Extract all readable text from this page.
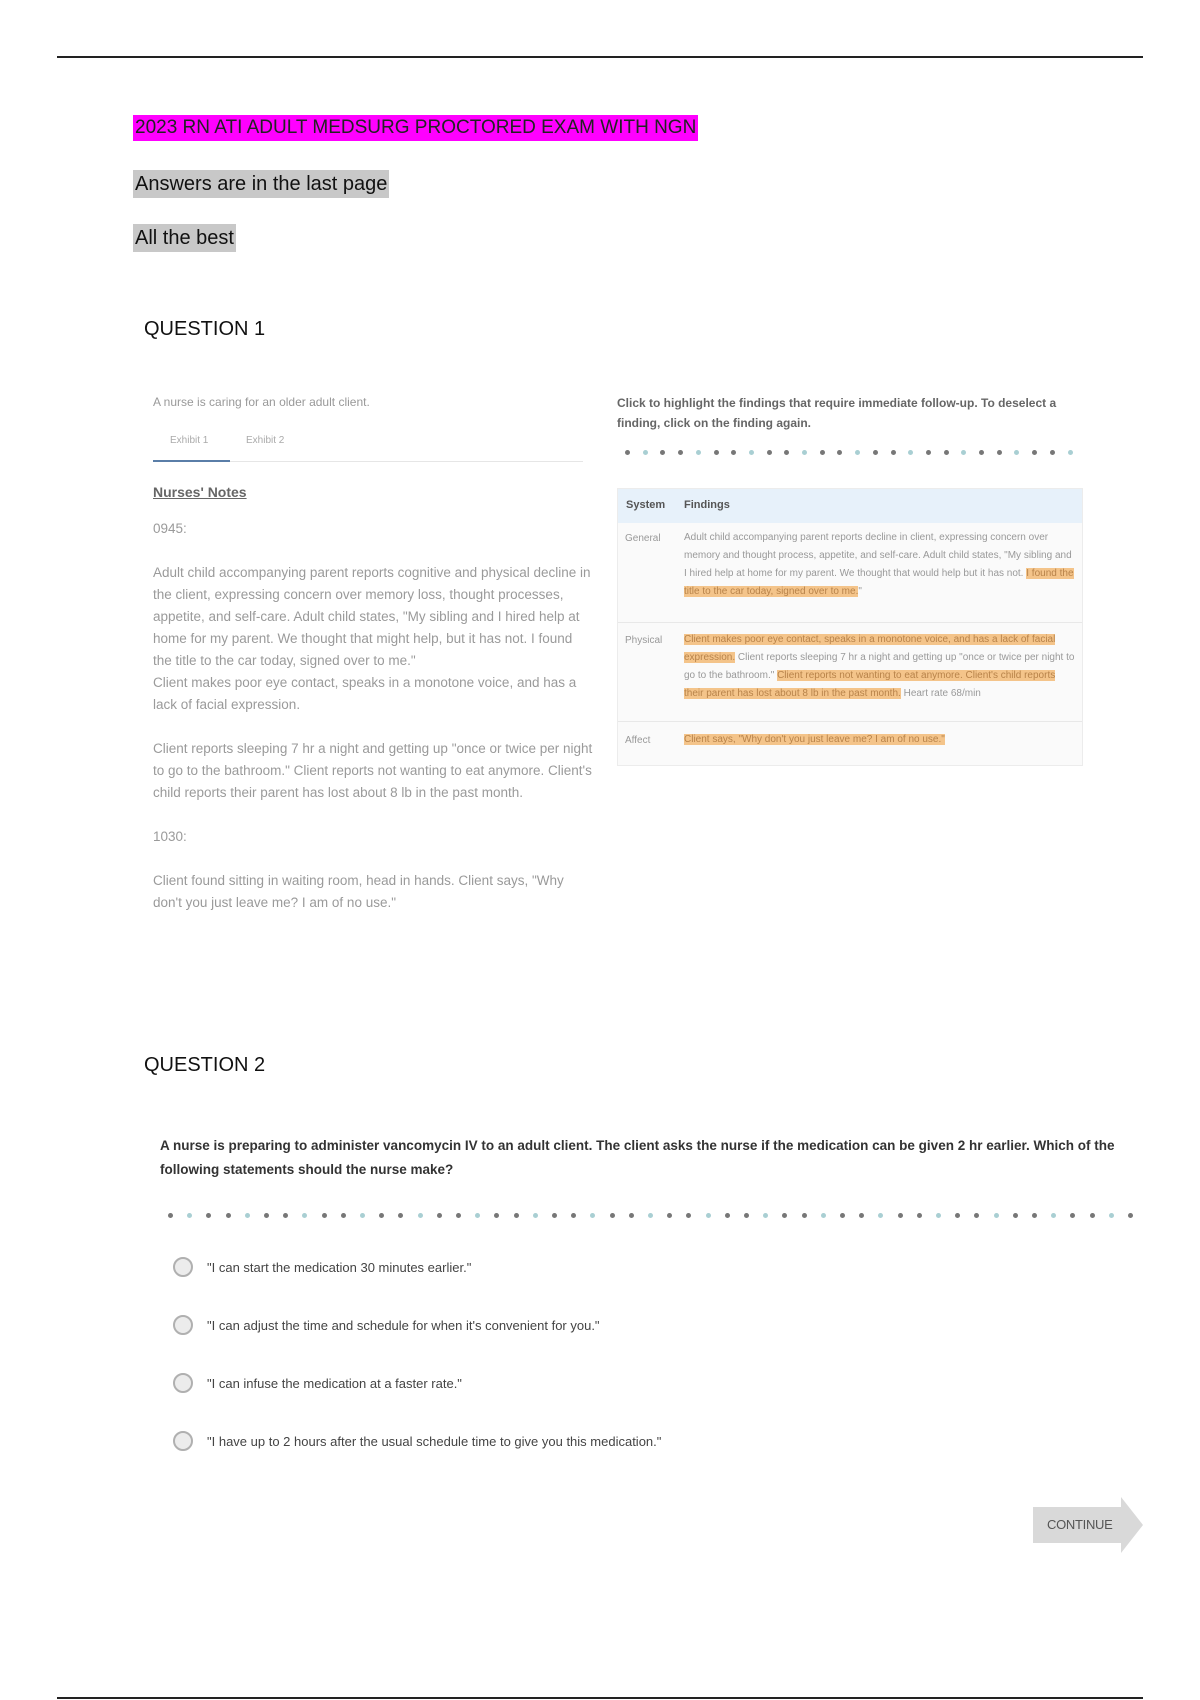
2023 RN ATI ADULT MEDSURG PROCTORED EXAM WITH NGN
Answers are in the last page
All the best
QUESTION 1
A nurse is caring for an older adult client.
Exhibit 1	Exhibit 2
Nurses' Notes
0945:
Adult child accompanying parent reports cognitive and physical decline in the client, expressing concern over memory loss, thought processes, appetite, and self-care. Adult child states, "My sibling and I hired help at home for my parent. We thought that might help, but it has not. I found the title to the car today, signed over to me."
Client makes poor eye contact, speaks in a monotone voice, and has a lack of facial expression.
Client reports sleeping 7 hr a night and getting up "once or twice per night to go to the bathroom." Client reports not wanting to eat anymore. Client's child reports their parent has lost about 8 lb in the past month.
1030:
Client found sitting in waiting room, head in hands. Client says, "Why don't you just leave me? I am of no use."
Click to highlight the findings that require immediate follow-up. To deselect a finding, click on the finding again.
System Findings
General Adult child accompanying parent reports decline in client, expressing concern over memory and thought process, appetite, and self-care. Adult child states, "My sibling and I hired help at home for my parent. We thought that would help but it has not. I found the title to the car today, signed over to me."
Physical Client makes poor eye contact, speaks in a monotone voice, and has a lack of facial expression. Client reports sleeping 7 hr a night and getting up "once or twice per night to go to the bathroom." Client reports not wanting to eat anymore. Client's child reports their parent has lost about 8 lb in the past month. Heart rate 68/min
Affect	Client says, "Why don't you just leave me? I am of no use."
QUESTION 2
A nurse is preparing to administer vancomycin IV to an adult client. The client asks the nurse if the medication can be given 2 hr earlier. Which of the following statements should the nurse make?
"I can start the medication 30 minutes earlier."
"I can adjust the time and schedule for when it's convenient for you."
"I can infuse the medication at a faster rate."
"I have up to 2 hours after the usual schedule time to give you this medication."
CONTINUE
